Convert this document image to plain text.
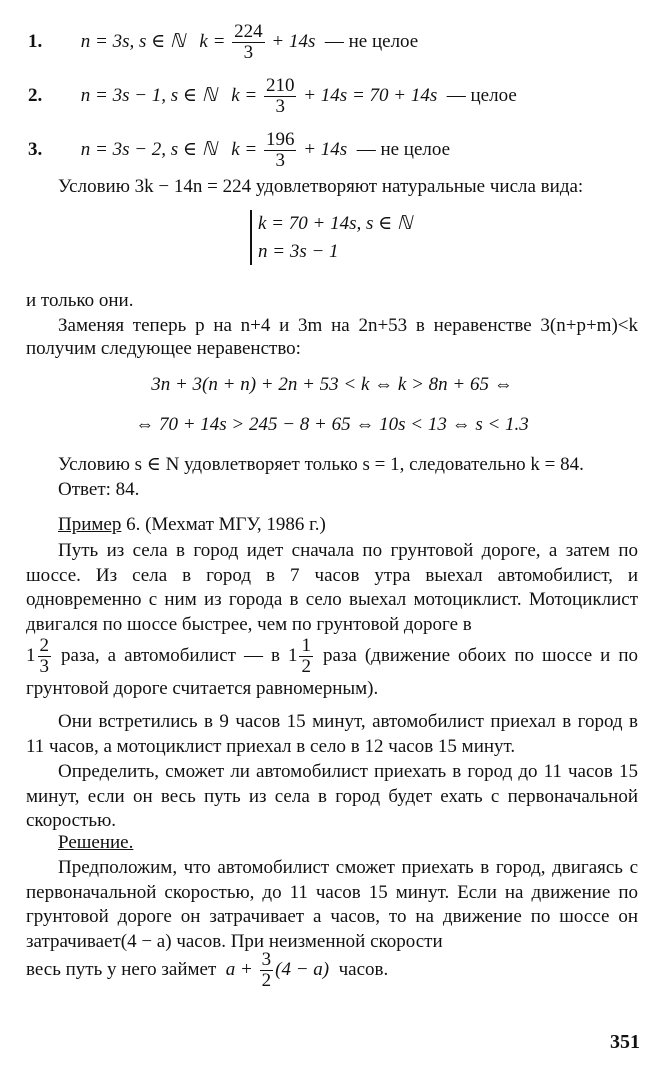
1. n = 3s, s ∈ ℕ $k = \frac{224}{3} + 14s$ — не целое
2. n = 3s − 1, s ∈ ℕ $k = \frac{210}{3} + 14s = 70 + 14s$ — целое
3. n = 3s − 2, s ∈ ℕ $k = \frac{196}{3} + 14s$ — не целое
Условию 3k − 14n = 224 удовлетворяют натуральные числа вида:
k = 70 + 14s, s ∈ ℕ
n = 3s − 1
и только они.
Заменяя теперь p на n+4 и 3m на 2n+53 в неравенстве 3(n+p+m)<k получим следующее неравенство:
3n + 3(n + n) + 2n + 53 < k ⇔ k > 8n + 65 ⇔
⇔ 70 + 14s > 245 − 8 + 65 ⇔ 10s < 13 ⇔ s < 1.3
Условию s ∈ N удовлетворяет только s = 1, следовательно k = 84.
Ответ: 84.
Пример 6. (Мехмат МГУ, 1986 г.)
Путь из села в город идет сначала по грунтовой дороге, а затем по шоссе. Из села в город в 7 часов утра выехал автомобилист, и одновременно с ним из города в село выехал мотоциклист. Мотоциклист двигался по шоссе быстрее, чем по грунтовой дороге в
$1 \frac{2}{3}$ раза, а автомобилист — в $1 \frac{1}{2}$ раза (движение обоих по шоссе и по грунтовой дороге считается равномерным).
Они встретились в 9 часов 15 минут, автомобилист приехал в город в 11 часов, а мотоциклист приехал в село в 12 часов 15 минут.
Определить, сможет ли автомобилист приехать в город до 11 часов 15 минут, если он весь путь из села в город будет ехать с первоначальной скоростью.
Решение.
Предположим, что автомобилист сможет приехать в город, двигаясь с первоначальной скоростью, до 11 часов 15 минут. Если на движение по грунтовой дороге он затрачивает a часов, то на движение по шоссе он затрачивает(4 − a) часов. При неизменной скорости
весь путь у него займет $a + \frac{3}{2} (4 - a)$ часов.
351
